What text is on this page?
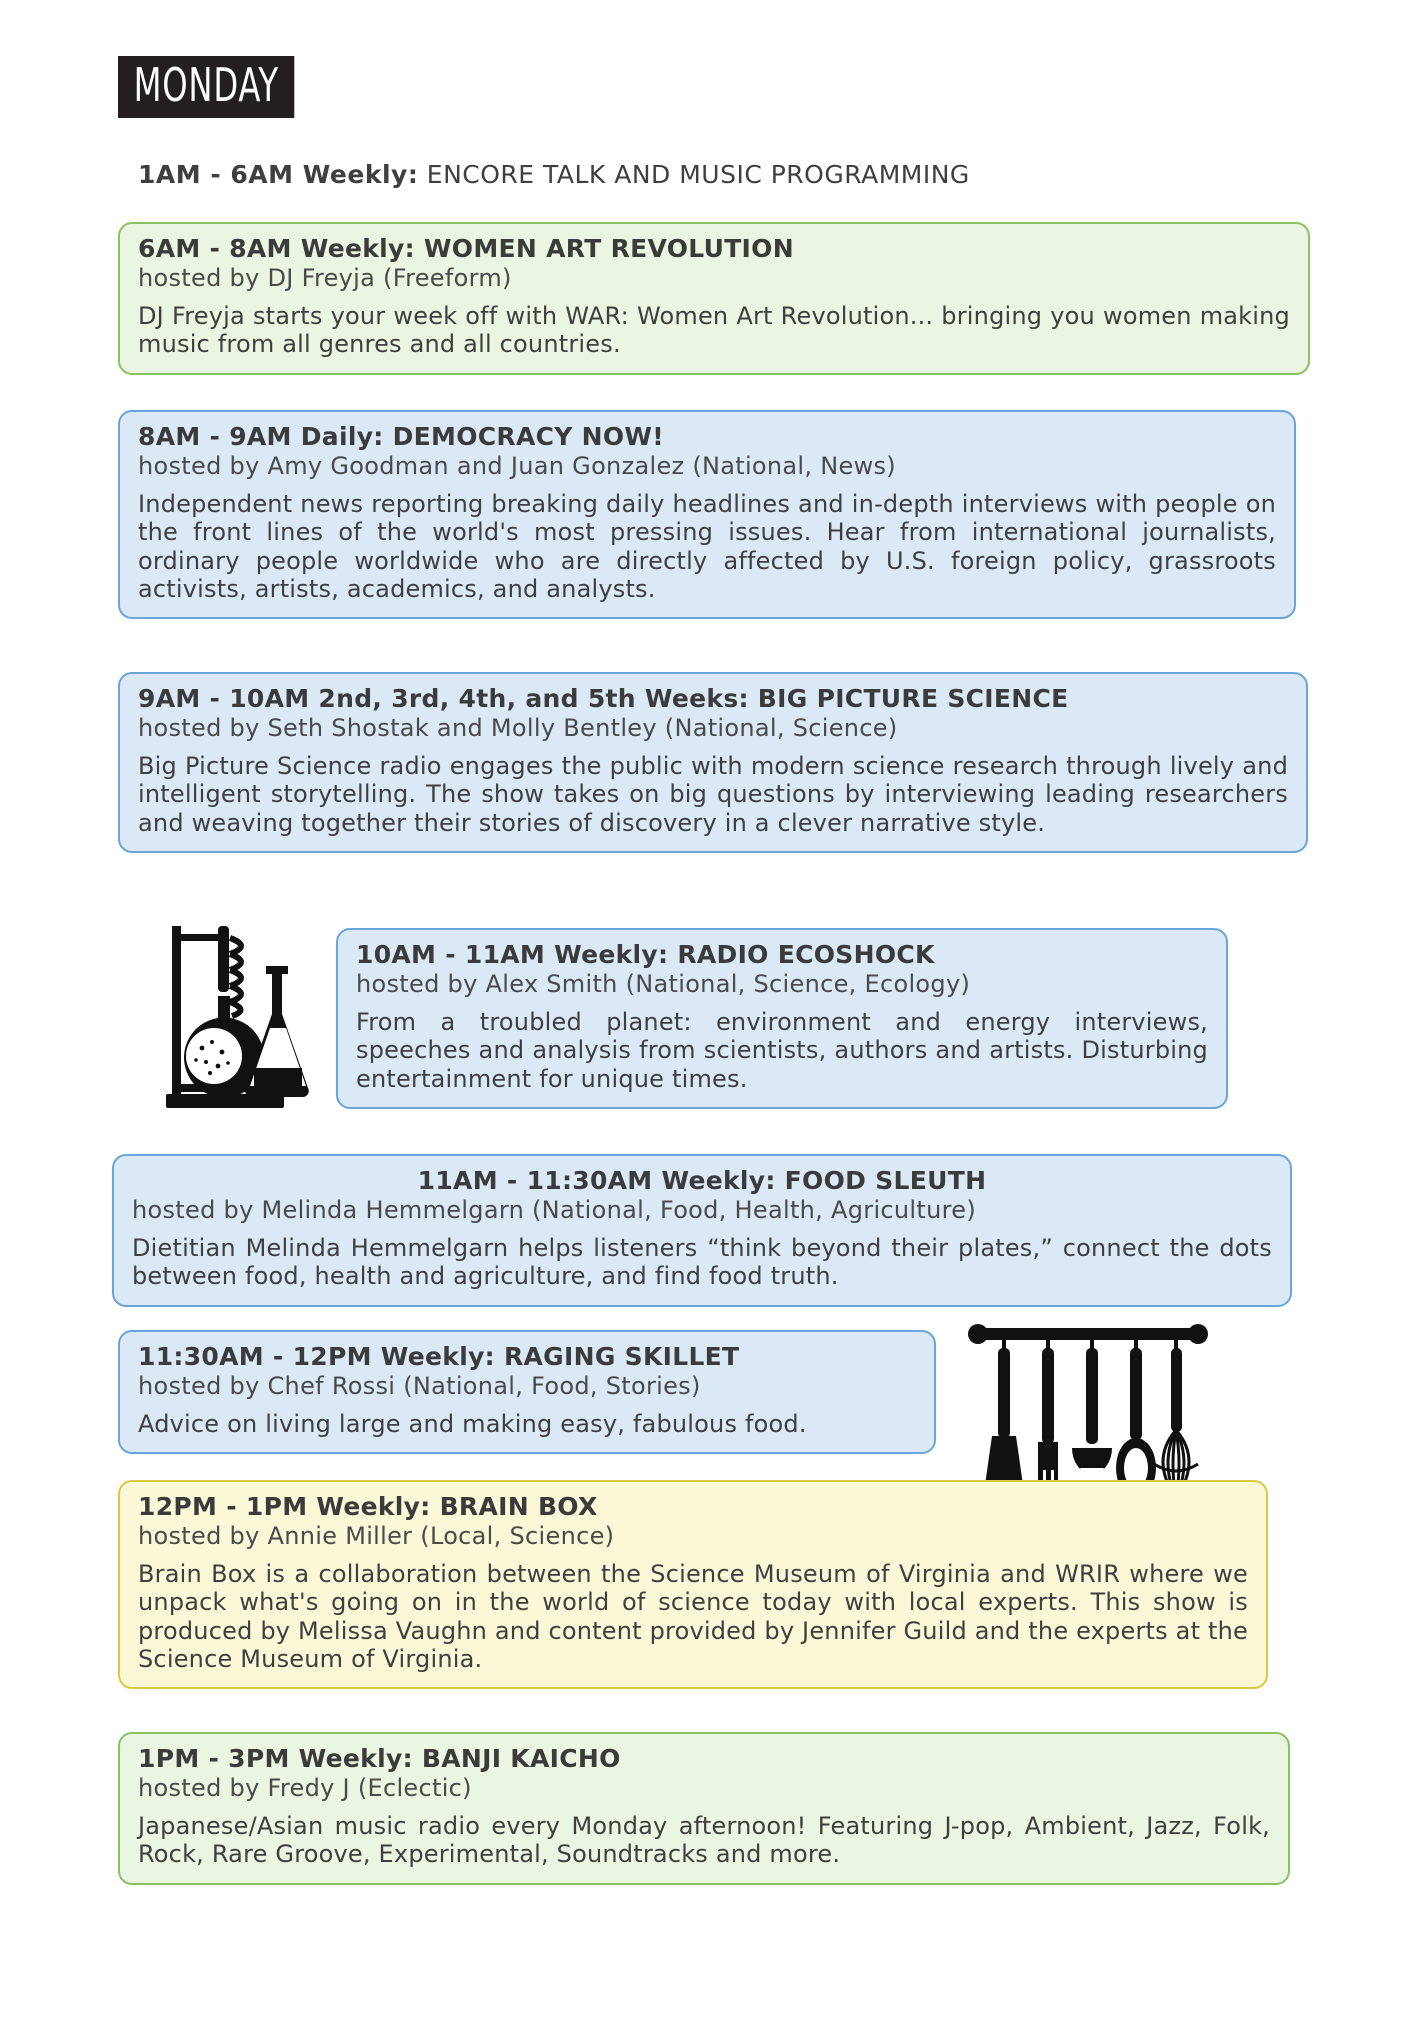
MONDAY
1AM - 6AM Weekly: ENCORE TALK AND MUSIC PROGRAMMING
6AM - 8AM Weekly: WOMEN ART REVOLUTION
hosted by DJ Freyja (Freeform)
DJ Freyja starts your week off with WAR: Women Art Revolution... bringing you women making music from all genres and all countries.
8AM - 9AM Daily: DEMOCRACY NOW!
hosted by Amy Goodman and Juan Gonzalez (National, News)
Independent news reporting breaking daily headlines and in-depth interviews with people on the front lines of the world's most pressing issues. Hear from international journalists, ordinary people worldwide who are directly affected by U.S. foreign policy, grassroots activists, artists, academics, and analysts.
9AM - 10AM 2nd, 3rd, 4th, and 5th Weeks: BIG PICTURE SCIENCE
hosted by Seth Shostak and Molly Bentley (National, Science)
Big Picture Science radio engages the public with modern science research through lively and intelligent storytelling. The show takes on big questions by interviewing leading researchers and weaving together their stories of discovery in a clever narrative style.
10AM - 11AM Weekly: RADIO ECOSHOCK
hosted by Alex Smith (National, Science, Ecology)
From a troubled planet: environment and energy interviews, speeches and analysis from scientists, authors and artists. Disturbing entertainment for unique times.
11AM - 11:30AM Weekly: FOOD SLEUTH
hosted by Melinda Hemmelgarn (National, Food, Health, Agriculture)
Dietitian Melinda Hemmelgarn helps listeners “think beyond their plates,” connect the dots between food, health and agriculture, and find food truth.
11:30AM - 12PM Weekly: RAGING SKILLET
hosted by Chef Rossi (National, Food, Stories)
Advice on living large and making easy, fabulous food.
12PM - 1PM Weekly: BRAIN BOX
hosted by Annie Miller (Local, Science)
Brain Box is a collaboration between the Science Museum of Virginia and WRIR where we unpack what's going on in the world of science today with local experts. This show is produced by Melissa Vaughn and content provided by Jennifer Guild and the experts at the Science Museum of Virginia.
1PM - 3PM Weekly: BANJI KAICHO
hosted by Fredy J (Eclectic)
Japanese/Asian music radio every Monday afternoon! Featuring J-pop, Ambient, Jazz, Folk, Rock, Rare Groove, Experimental, Soundtracks and more.
